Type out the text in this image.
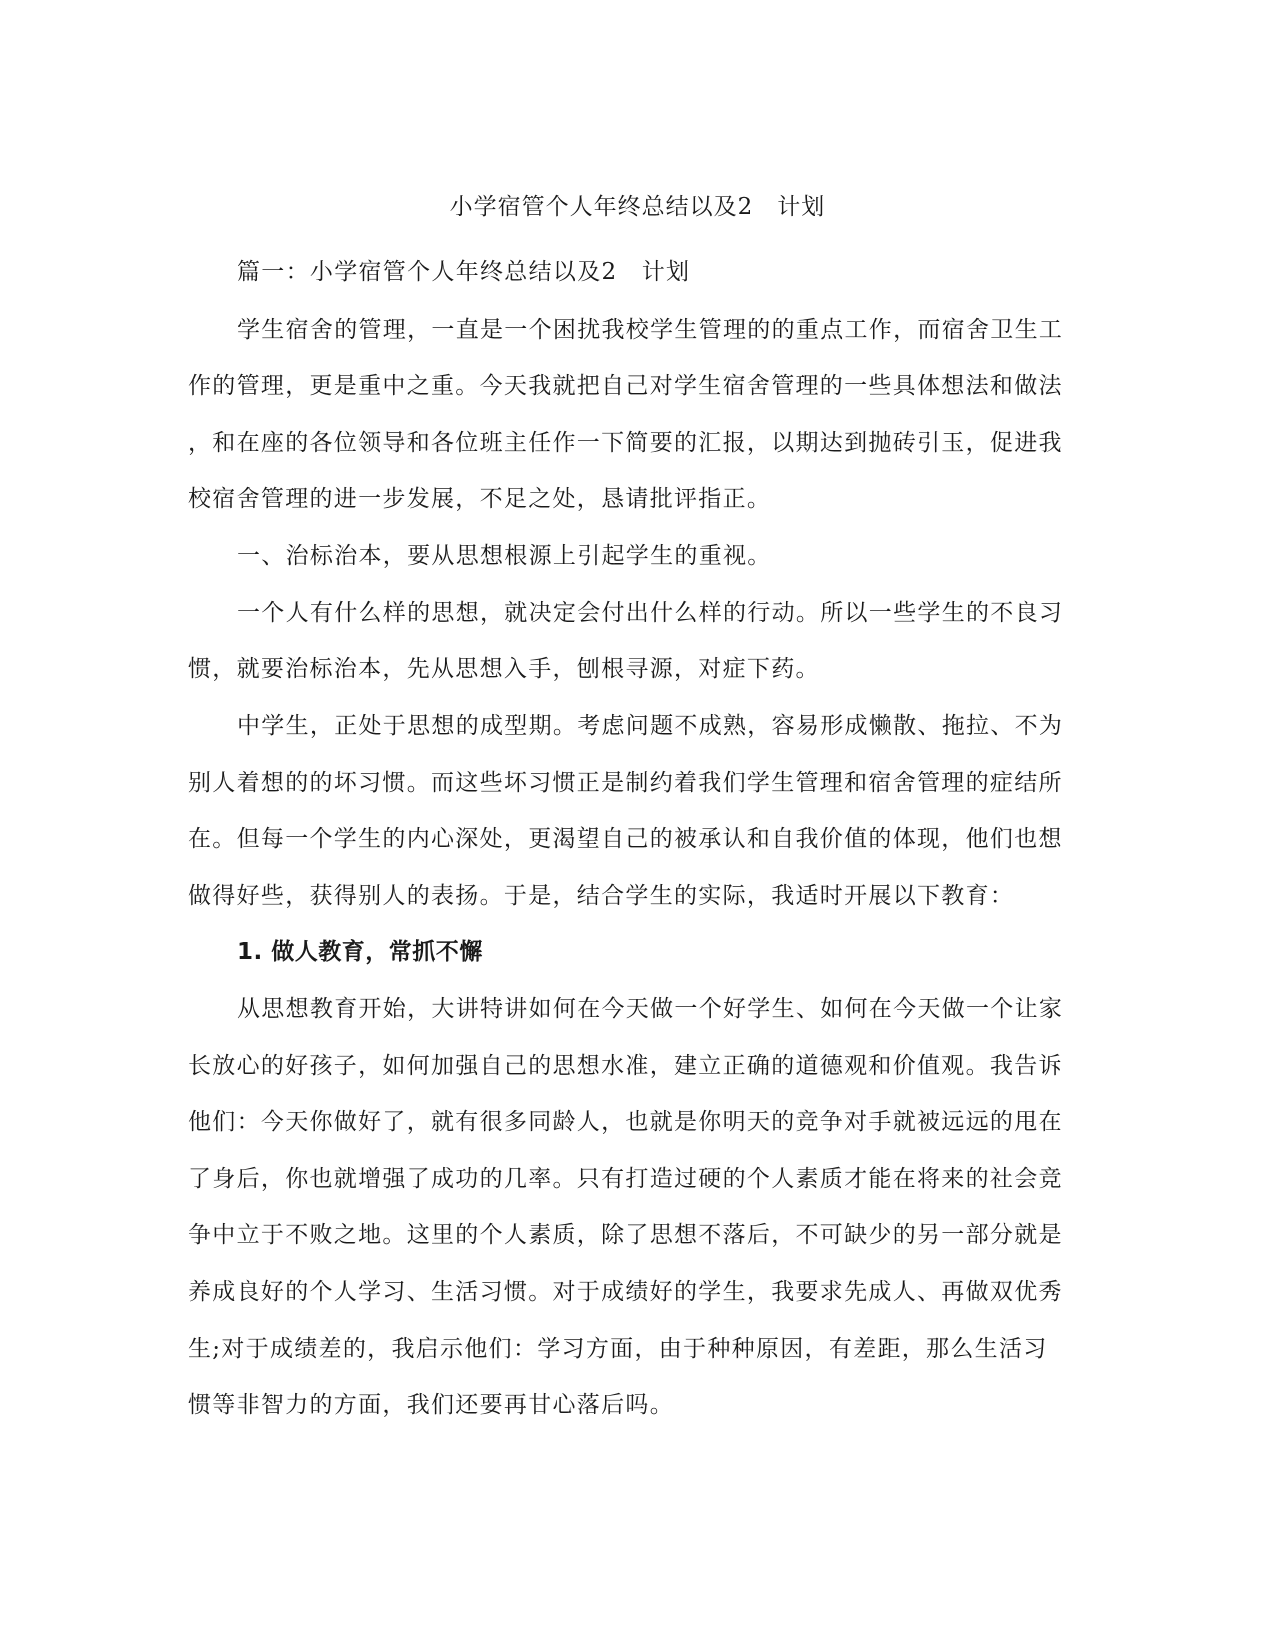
小学宿管个人年终总结以及2　计划
篇一：小学宿管个人年终总结以及2　计划
学生宿舍的管理，一直是一个困扰我校学生管理的的重点工作，而宿舍卫生工
作的管理，更是重中之重。今天我就把自己对学生宿舍管理的一些具体想法和做法
，和在座的各位领导和各位班主任作一下简要的汇报，以期达到抛砖引玉，促进我
校宿舍管理的进一步发展，不足之处，恳请批评指正。
一、治标治本，要从思想根源上引起学生的重视。
一个人有什么样的思想，就决定会付出什么样的行动。所以一些学生的不良习
惯，就要治标治本，先从思想入手，刨根寻源，对症下药。
中学生，正处于思想的成型期。考虑问题不成熟，容易形成懒散、拖拉、不为
别人着想的的坏习惯。而这些坏习惯正是制约着我们学生管理和宿舍管理的症结所
在。但每一个学生的内心深处，更渴望自己的被承认和自我价值的体现，他们也想
做得好些，获得别人的表扬。于是，结合学生的实际，我适时开展以下教育：
1. 做人教育，常抓不懈
从思想教育开始，大讲特讲如何在今天做一个好学生、如何在今天做一个让家
长放心的好孩子，如何加强自己的思想水准，建立正确的道德观和价值观。我告诉
他们：今天你做好了，就有很多同龄人，也就是你明天的竞争对手就被远远的甩在
了身后，你也就增强了成功的几率。只有打造过硬的个人素质才能在将来的社会竞
争中立于不败之地。这里的个人素质，除了思想不落后，不可缺少的另一部分就是
养成良好的个人学习、生活习惯。对于成绩好的学生，我要求先成人、再做双优秀
生;对于成绩差的，我启示他们：学习方面，由于种种原因，有差距，那么生活习
惯等非智力的方面，我们还要再甘心落后吗。
